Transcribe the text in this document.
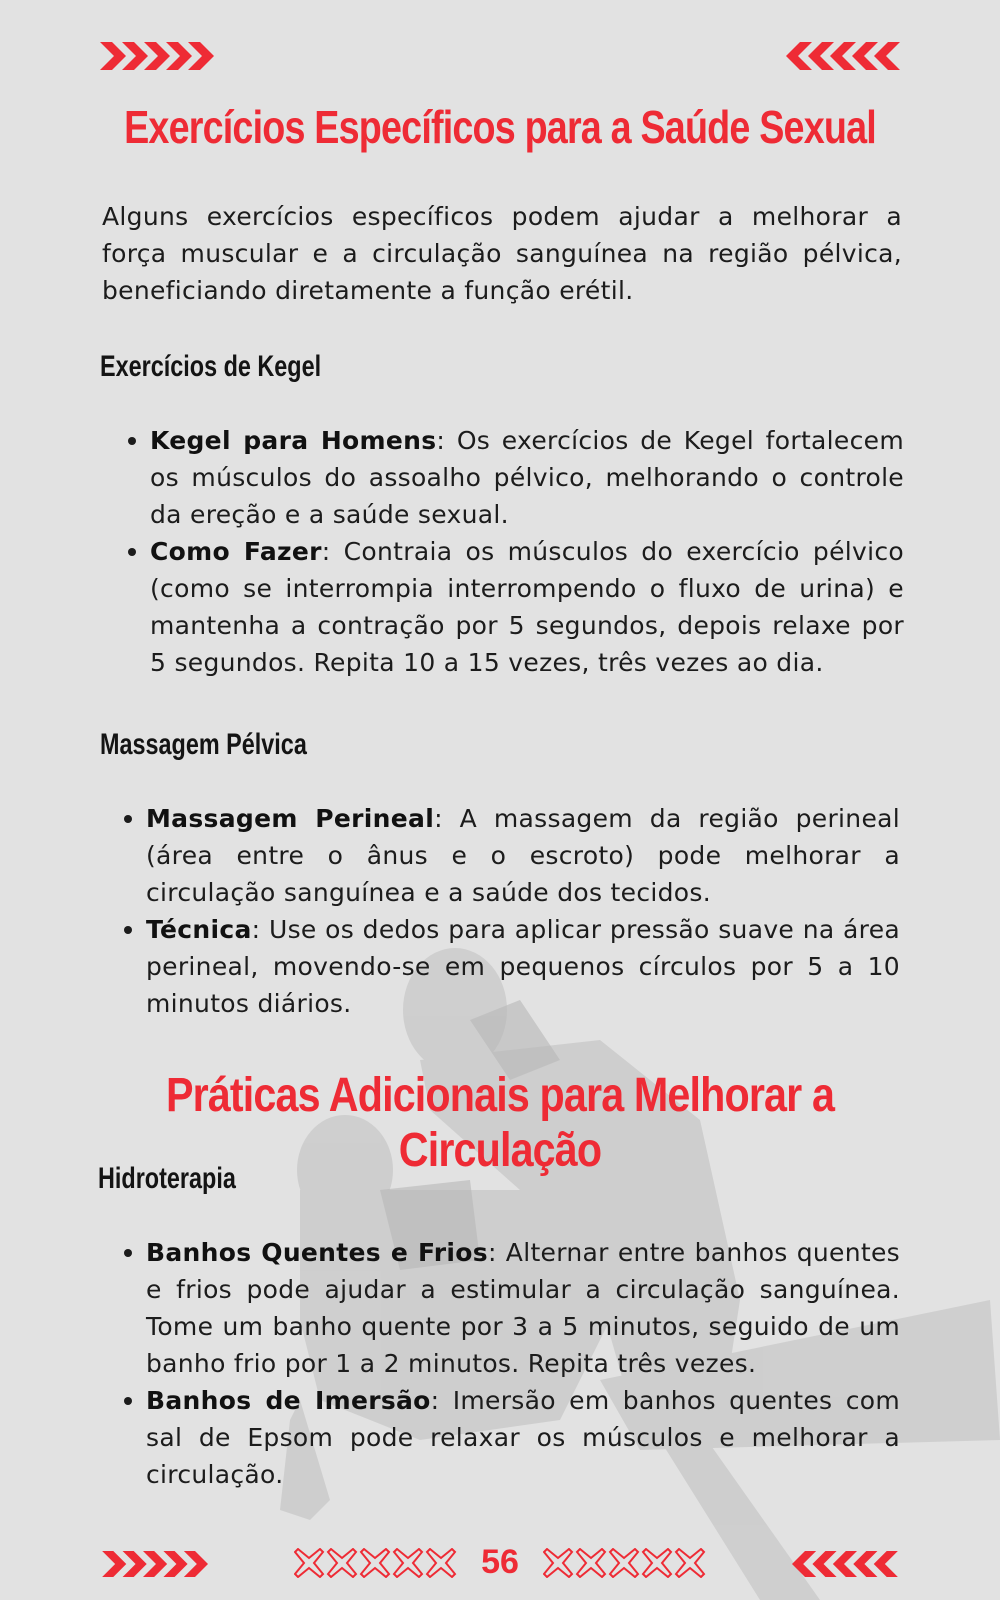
Exercícios Específicos para a Saúde Sexual

Alguns exercícios específicos podem ajudar a melhorar a força muscular e a circulação sanguínea na região pélvica, beneficiando diretamente a função erétil.

Exercícios de Kegel
Kegel para Homens: Os exercícios de Kegel fortalecem os músculos do assoalho pélvico, melhorando o controle da ereção e a saúde sexual.
Como Fazer: Contraia os músculos do exercício pélvico (como se interrompia interrompendo o fluxo de urina) e mantenha a contração por 5 segundos, depois relaxe por 5 segundos. Repita 10 a 15 vezes, três vezes ao dia.
Massagem Pélvica
Massagem Perineal: A massagem da região perineal (área entre o ânus e o escroto) pode melhorar a circulação sanguínea e a saúde dos tecidos.
Técnica: Use os dedos para aplicar pressão suave na área perineal, movendo-se em pequenos círculos por 5 a 10 minutos diários.
Práticas Adicionais para Melhorar a Circulação
Hidroterapia
Banhos Quentes e Frios: Alternar entre banhos quentes e frios pode ajudar a estimular a circulação sanguínea. Tome um banho quente por 3 a 5 minutos, seguido de um banho frio por 1 a 2 minutos. Repita três vezes.
Banhos de Imersão: Imersão em banhos quentes com sal de Epsom pode relaxar os músculos e melhorar a circulação.
56
